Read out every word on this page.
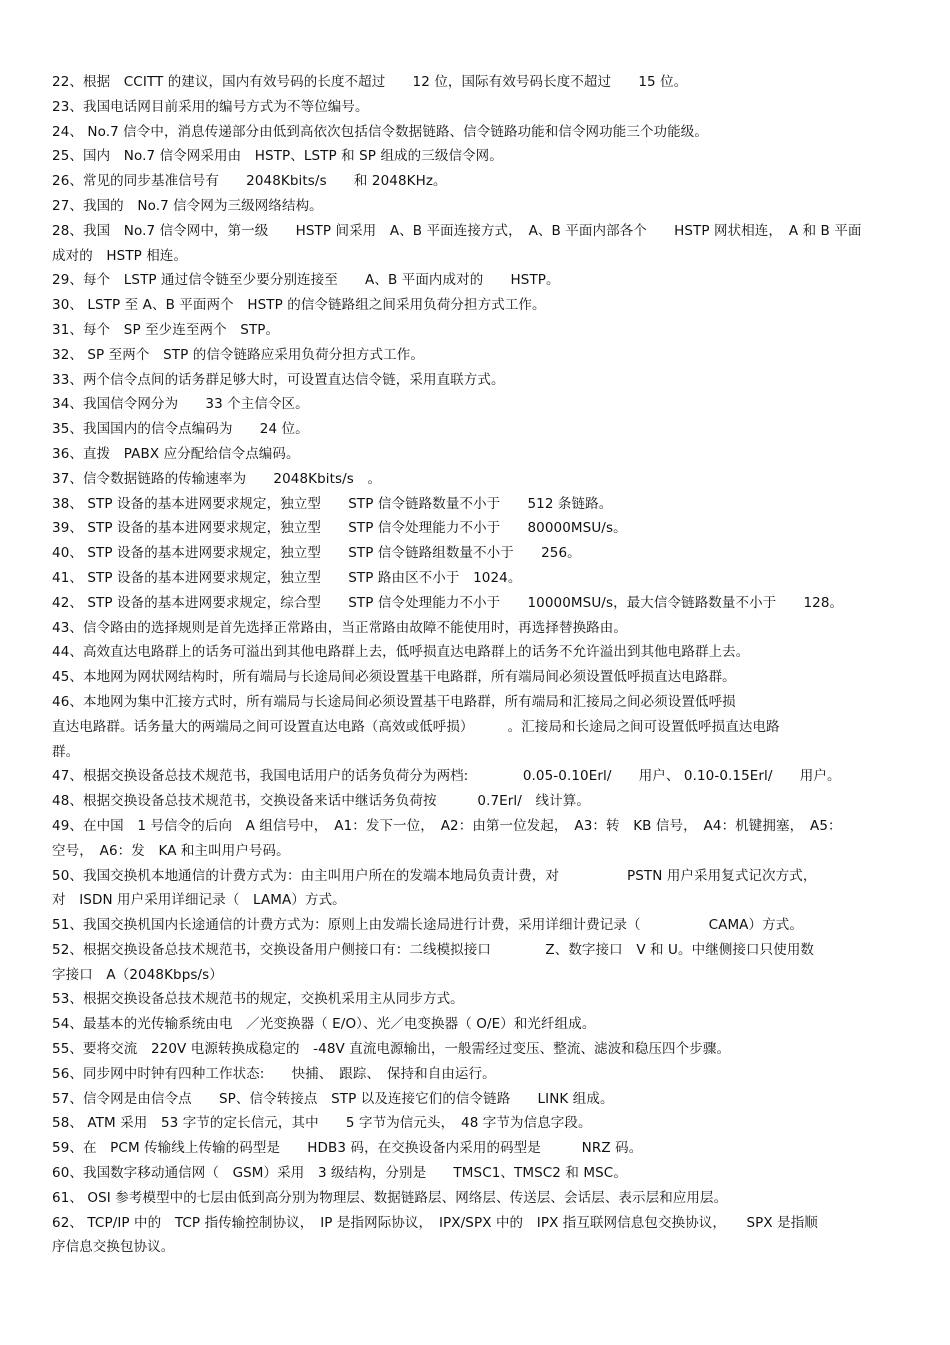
22、根据　CCITT 的建议，国内有效号码的长度不超过　　12 位，国际有效号码长度不超过　　15 位。
23、我国电话网目前采用的编号方式为不等位编号。
24、 No.7 信令中，消息传递部分由低到高依次包括信令数据链路、信令链路功能和信令网功能三个功能级。
25、国内　No.7 信令网采用由　HSTP、LSTP 和 SP 组成的三级信令网。
26、常见的同步基准信号有　　2048Kbits/s　　和 2048KHz。
27、我国的　No.7 信令网为三级网络结构。
28、我国　No.7 信令网中，第一级　　HSTP 间采用　A、B 平面连接方式，　A、B 平面内部各个　　HSTP 网状相连，　A 和 B 平面
成对的　HSTP 相连。
29、每个　LSTP 通过信令链至少要分别连接至　　A、B 平面内成对的　　HSTP。
30、 LSTP 至 A、B 平面两个　HSTP 的信令链路组之间采用负荷分担方式工作。
31、每个　SP 至少连至两个　STP。
32、 SP 至两个　STP 的信令链路应采用负荷分担方式工作。
33、两个信令点间的话务群足够大时，可设置直达信令链，采用直联方式。
34、我国信令网分为　　33 个主信令区。
35、我国国内的信令点编码为　　24 位。
36、直拨　PABX 应分配给信令点编码。
37、信令数据链路的传输速率为　　2048Kbits/s　。
38、 STP 设备的基本进网要求规定，独立型　　STP 信令链路数量不小于　　512 条链路。
39、 STP 设备的基本进网要求规定，独立型　　STP 信令处理能力不小于　　80000MSU/s。
40、 STP 设备的基本进网要求规定，独立型　　STP 信令链路组数量不小于　　256。
41、 STP 设备的基本进网要求规定，独立型　　STP 路由区不小于　1024。
42、 STP 设备的基本进网要求规定，综合型　　STP 信令处理能力不小于　　10000MSU/s，最大信令链路数量不小于　　128。
43、信令路由的选择规则是首先选择正常路由，当正常路由故障不能使用时，再选择替换路由。
44、高效直达电路群上的话务可溢出到其他电路群上去，低呼损直达电路群上的话务不允许溢出到其他电路群上去。
45、本地网为网状网结构时，所有端局与长途局间必须设置基干电路群，所有端局间必须设置低呼损直达电路群。
46、本地网为集中汇接方式时，所有端局与长途局间必须设置基干电路群，所有端局和汇接局之间必须设置低呼损
直达电路群。话务量大的两端局之间可设置直达电路（高效或低呼损）　　　。汇接局和长途局之间可设置低呼损直达电路
群。
47、根据交换设备总技术规范书，我国电话用户的话务负荷分为两档:　　　　0.05-0.10Erl/　　用户、 0.10-0.15Erl/　　用户。
48、根据交换设备总技术规范书，交换设备来话中继话务负荷按　　　0.7Erl/　线计算。
49、在中国　1 号信令的后向　A 组信号中，　A1：发下一位，　A2：由第一位发起，　A3：转　KB 信号，　A4：机键拥塞，　A5：
空号，　A6：发　KA 和主叫用户号码。
50、我国交换机本地通信的计费方式为：由主叫用户所在的发端本地局负责计费，对　　　　　PSTN 用户采用复式记次方式，
对　ISDN 用户采用详细记录（　LAMA）方式。
51、我国交换机国内长途通信的计费方式为：原则上由发端长途局进行计费，采用详细计费记录（　　　　　CAMA）方式。
52、根据交换设备总技术规范书，交换设备用户侧接口有：二线模拟接口　　　　Z、数字接口　V 和 U。中继侧接口只使用数
字接口　A（2048Kbps/s）
53、根据交换设备总技术规范书的规定，交换机采用主从同步方式。
54、最基本的光传输系统由电　／光变换器（ E/O）、光／电变换器（ O/E）和光纤组成。
55、要将交流　220V 电源转换成稳定的　-48V 直流电源输出，一般需经过变压、整流、滤波和稳压四个步骤。
56、同步网中时钟有四种工作状态:　　快捕、　跟踪、　保持和自由运行。
57、信令网是由信令点　　SP、信令转接点　STP 以及连接它们的信令链路　　LINK 组成。
58、 ATM 采用　53 字节的定长信元，其中　　5 字节为信元头，　48 字节为信息字段。
59、在　PCM 传输线上传输的码型是　　HDB3 码，在交换设备内采用的码型是　　　NRZ 码。
60、我国数字移动通信网（　GSM）采用　3 级结构，分别是　　TMSC1、TMSC2 和 MSC。
61、 OSI 参考模型中的七层由低到高分别为物理层、数据链路层、网络层、传送层、会话层、表示层和应用层。
62、 TCP/IP 中的　TCP 指传输控制协议，　IP 是指网际协议，　IPX/SPX 中的　IPX 指互联网信息包交换协议，　　SPX 是指顺
序信息交换包协议。
